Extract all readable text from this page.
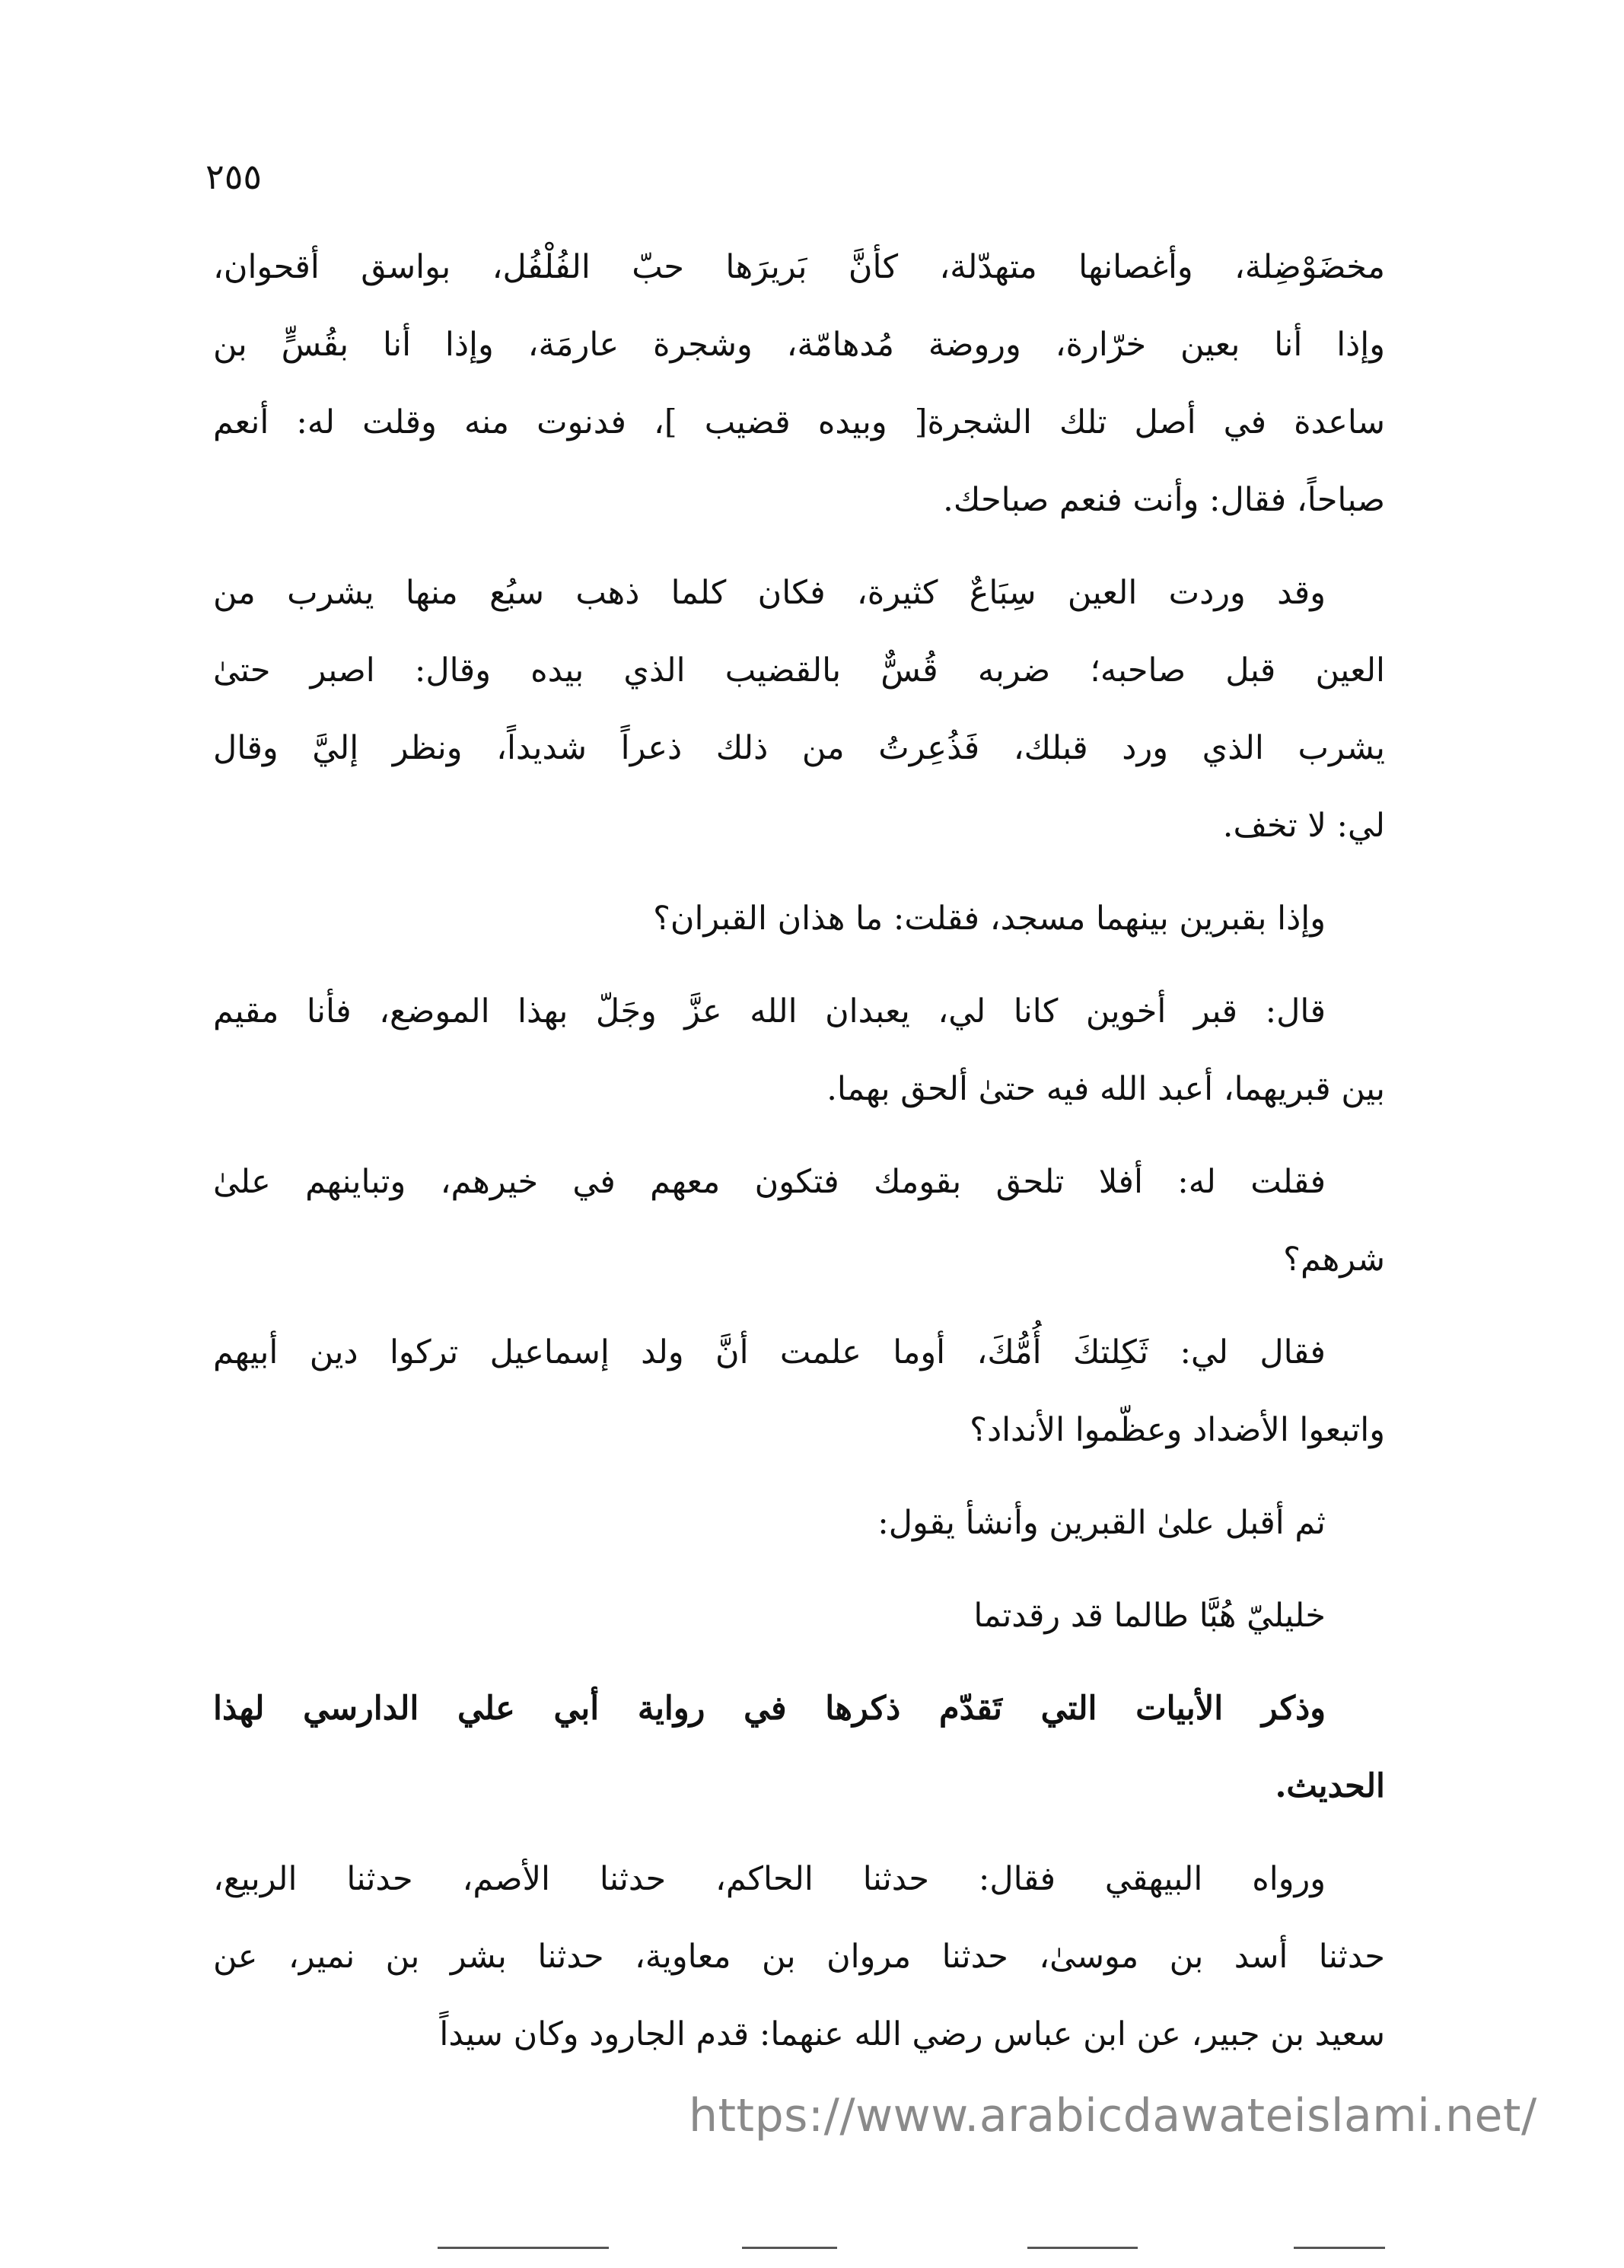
٢٥٥

مخضَوْضِلة، وأغصانها متهدّلة، كأنَّ بَريرَها حبّ الفُلْفُل، بواسق أقحوان،
وإذا أنا بعين خرّارة، وروضة مُدهامّة، وشجرة عارمَة، وإذا أنا بقُسٍّ بن
ساعدة في أصل تلك الشجرة[ وبيده قضيب ]، فدنوت منه وقلت له: أنعم
صباحاً، فقال: وأنت فنعم صباحك.

وقد وردت العين سِبَاعٌ كثيرة، فكان كلما ذهب سبُع منها يشرب من
العين قبل صاحبه؛ ضربه قُسٌّ بالقضيب الذي بيده وقال: اصبر حتىٰ
يشرب الذي ورد قبلك، فَذُعِرتُ من ذلك ذعراً شديداً، ونظر إليَّ وقال
لي: لا تخف.

وإذا بقبرين بينهما مسجد، فقلت: ما هذان القبران؟

قال: قبر أخوين كانا لي، يعبدان الله عزَّ وجَلّ بهذا الموضع، فأنا مقيم
بين قبريهما، أعبد الله فيه حتىٰ ألحق بهما.

فقلت له: أفلا تلحق بقومك فتكون معهم في خيرهم، وتباينهم علىٰ
شرهم؟

فقال لي: ثَكِلتكَ أُمُّكَ، أوما علمت أنَّ ولد إسماعيل تركوا دين أبيهم
واتبعوا الأضداد وعظّموا الأنداد؟

ثم أقبل علىٰ القبرين وأنشأ يقول:

خليليّ هُبَّا طالما قد رقدتما

وذكر الأبيات التي تَقدّم ذكرها في رواية أبي علي الدارسي لهذا
الحديث.

ورواه البيهقي فقال: حدثنا الحاكم، حدثنا الأصم، حدثنا الربيع،
حدثنا أسد بن موسىٰ، حدثنا مروان بن معاوية، حدثنا بشر بن نمير، عن
سعيد بن جبير، عن ابن عباس رضي الله عنهما: قدم الجارود وكان سيداً

https://www.arabicdawateislami.net/
